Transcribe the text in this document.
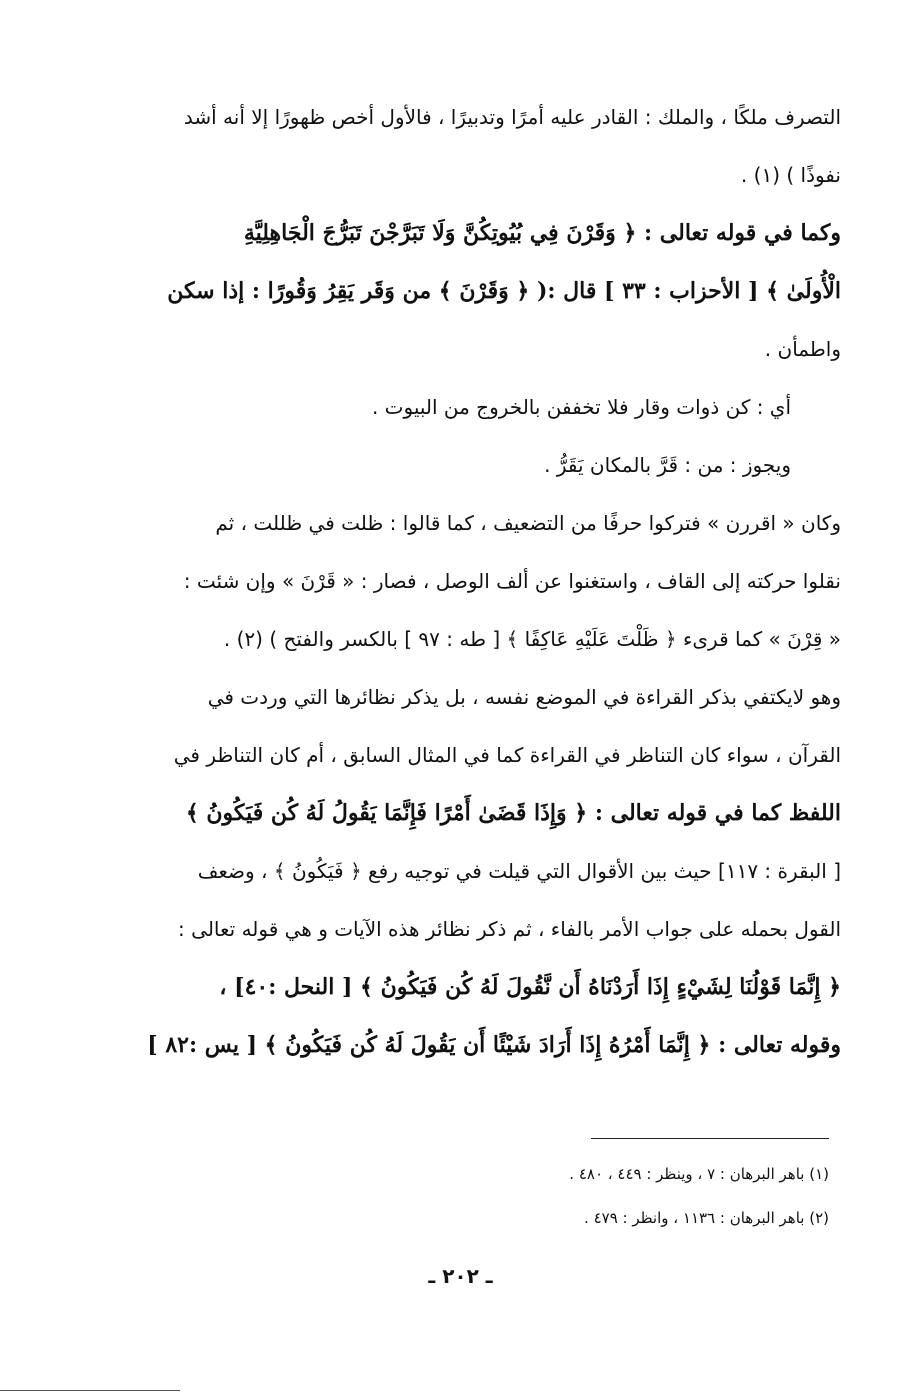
التصرف ملكًا ، والملك : القادر عليه أمرًا وتدبيرًا ، فالأول أخص ظهورًا إلا أنه أشد
نفوذًا ) (١) .
وكما في قوله تعالى : ﴿ وَقَرْنَ فِي بُيُوتِكُنَّ وَلَا تَبَرَّجْنَ تَبَرُّجَ الْجَاهِلِيَّةِ
الْأُولَىٰ ﴾ [ الأحزاب : ٣٣ ] قال :( ﴿ وَقَرْنَ ﴾ من وَقَر يَقِرُ وَقُورًا : إذا سكن
واطمأن .
أي : كن ذوات وقار فلا تخففن بالخروج من البيوت .
ويجوز : من : قَرَّ بالمكان يَقَرُّ .
وكان « اقررن » فتركوا حرفًا من التضعيف ، كما قالوا : ظلت في ظللت ، ثم
نقلوا حركته إلى القاف ، واستغنوا عن ألف الوصل ، فصار : « قَرْنَ » وإن شئت :
« قِرْنَ » كما قرىء ﴿ ظَلْتَ عَلَيْهِ عَاكِفًا ﴾ [ طه : ٩٧ ] بالكسر والفتح ) (٢) .
وهو لايكتفي بذكر القراءة في الموضع نفسه ، بل يذكر نظائرها التي وردت في
القرآن ، سواء كان التناظر في القراءة كما في المثال السابق ، أم كان التناظر في
اللفظ كما في قوله تعالى : ﴿ وَإِذَا قَضَىٰ أَمْرًا فَإِنَّمَا يَقُولُ لَهُ كُن فَيَكُونُ ﴾
[ البقرة : ١١٧] حيث بين الأقوال التي قيلت في توجيه رفع ﴿ فَيَكُونُ ﴾ ، وضعف
القول بحمله على جواب الأمر بالفاء ، ثم ذكر نظائر هذه الآيات و هي قوله تعالى :
﴿ إِنَّمَا قَوْلُنَا لِشَيْءٍ إِذَا أَرَدْنَاهُ أَن نَّقُولَ لَهُ كُن فَيَكُونُ ﴾ [ النحل :٤٠] ،
وقوله تعالى : ﴿ إِنَّمَا أَمْرُهُ إِذَا أَرَادَ شَيْئًا أَن يَقُولَ لَهُ كُن فَيَكُونُ ﴾ [ يس :٨٢ ]
(١) باهر البرهان : ٧ ، وينظر : ٤٤٩ ، ٤٨٠ .
(٢) باهر البرهان : ١١٣٦ ، وانظر : ٤٧٩ .
ـ ٢٠٢ ـ
